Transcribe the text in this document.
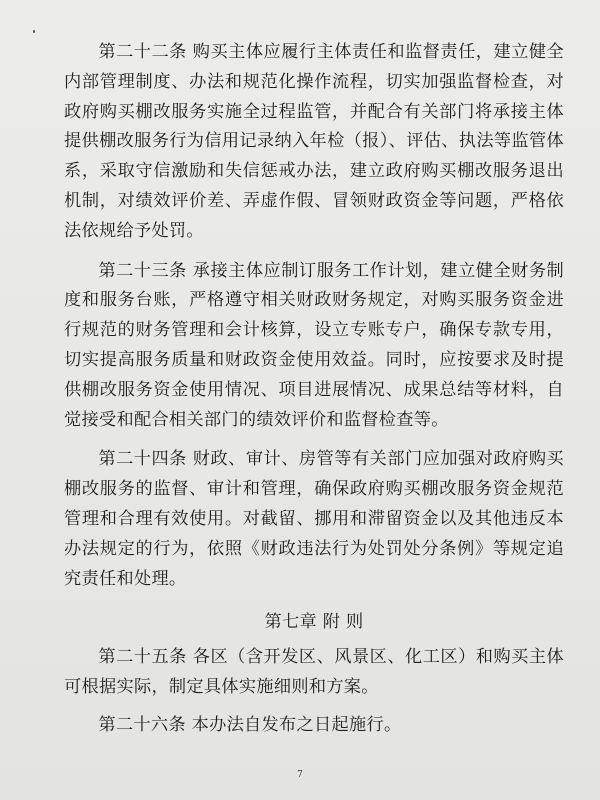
第二十二条 购买主体应履行主体责任和监督责任，建立健全内部管理制度、办法和规范化操作流程，切实加强监督检查，对政府购买棚改服务实施全过程监管，并配合有关部门将承接主体提供棚改服务行为信用记录纳入年检（报）、评估、执法等监管体系，采取守信激励和失信惩戒办法，建立政府购买棚改服务退出机制，对绩效评价差、弄虚作假、冒领财政资金等问题，严格依法依规给予处罚。

第二十三条 承接主体应制订服务工作计划，建立健全财务制度和服务台账，严格遵守相关财政财务规定，对购买服务资金进行规范的财务管理和会计核算，设立专账专户，确保专款专用，切实提高服务质量和财政资金使用效益。同时，应按要求及时提供棚改服务资金使用情况、项目进展情况、成果总结等材料，自觉接受和配合相关部门的绩效评价和监督检查等。

第二十四条 财政、审计、房管等有关部门应加强对政府购买棚改服务的监督、审计和管理，确保政府购买棚改服务资金规范管理和合理有效使用。对截留、挪用和滞留资金以及其他违反本办法规定的行为，依照《财政违法行为处罚处分条例》等规定追究责任和处理。

第七章 附 则

第二十五条 各区（含开发区、风景区、化工区）和购买主体可根据实际，制定具体实施细则和方案。

第二十六条 本办法自发布之日起施行。

7
